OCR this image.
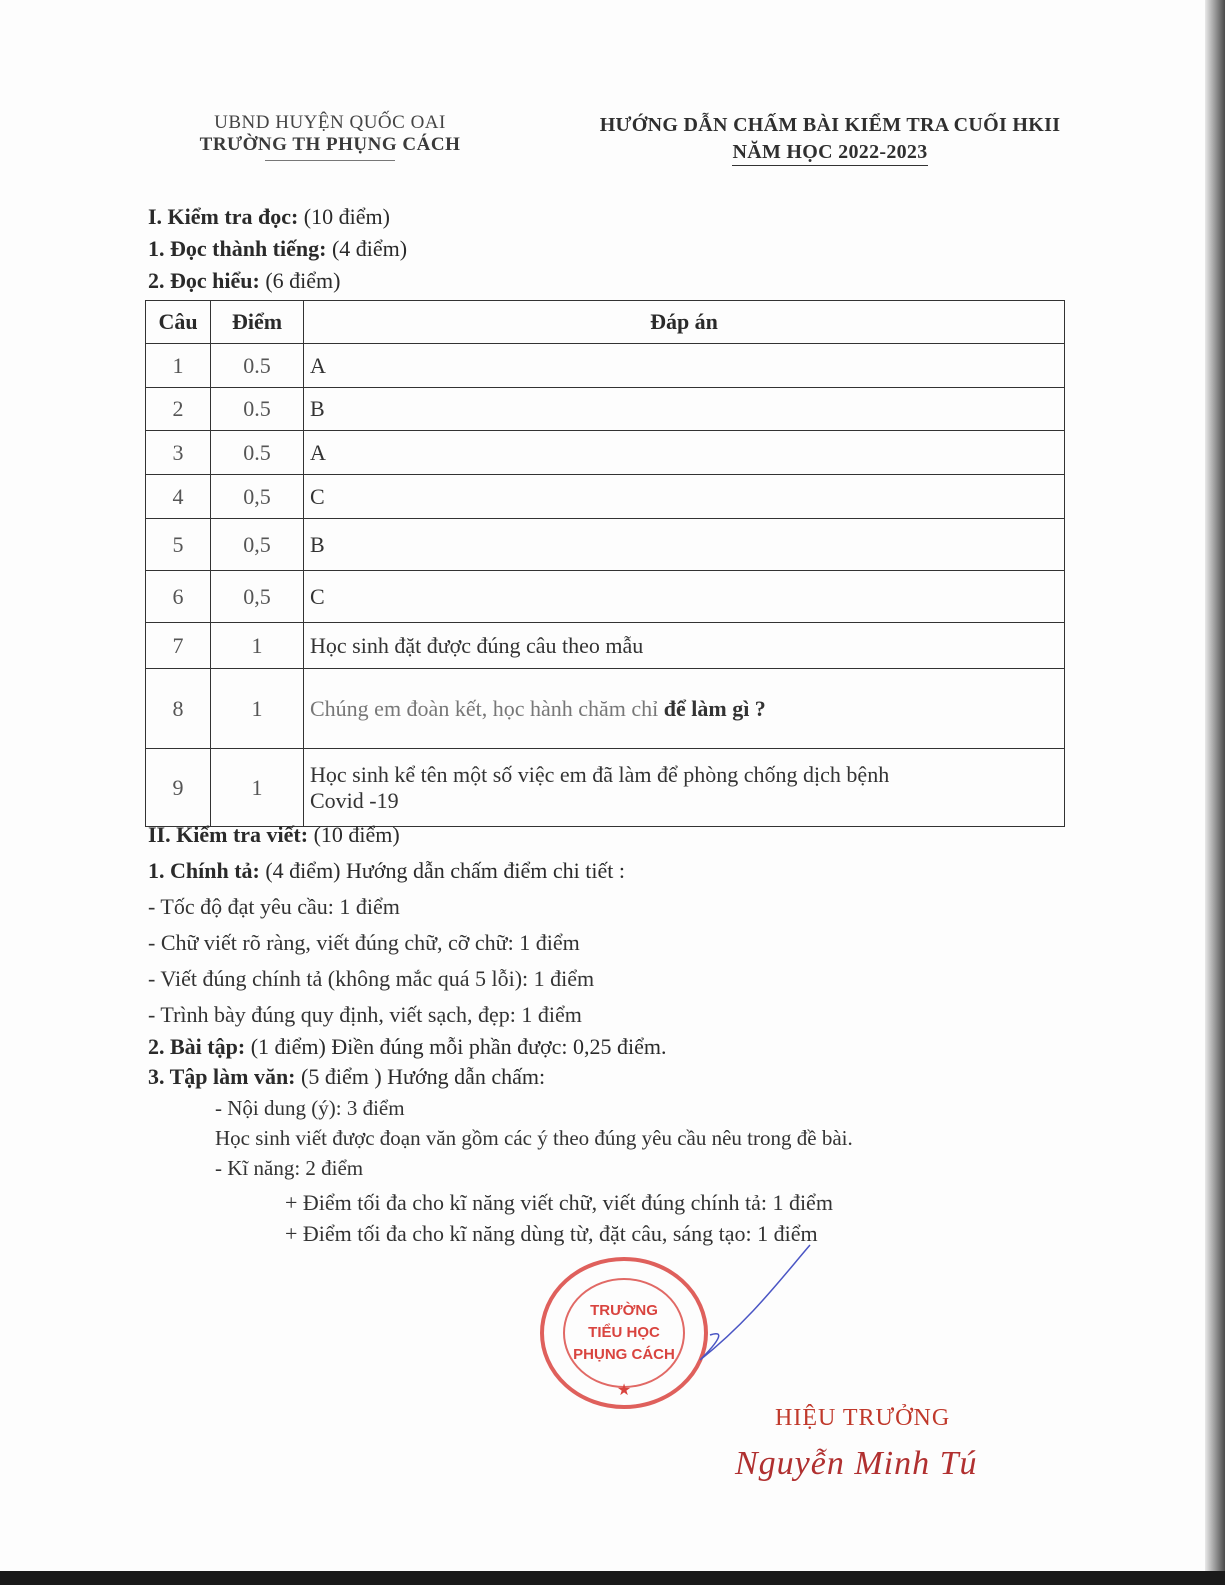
UBND HUYỆN QUỐC OAI
TRƯỜNG TH PHỤNG CÁCH
HƯỚNG DẪN CHẤM BÀI KIỂM TRA CUỐI HKII
NĂM HỌC 2022-2023
I. Kiểm tra đọc: (10 điểm)
1. Đọc thành tiếng: (4 điểm)
2. Đọc hiểu: (6 điểm)
Câu	Điểm	Đáp án
1	0.5	A
2	0.5	B
3	0.5	A
4	0,5	C
5	0,5	B
6	0,5	C
7	1	Học sinh đặt được đúng câu theo mẫu
8	1	Chúng em đoàn kết, học hành chăm chỉ để làm gì ?
9	1	Học sinh kể tên một số việc em đã làm để phòng chống dịch bệnh
Covid -19
II. Kiểm tra viết: (10 điểm)
1. Chính tả: (4 điểm) Hướng dẫn chấm điểm chi tiết :
- Tốc độ đạt yêu cầu: 1 điểm
- Chữ viết rõ ràng, viết đúng chữ, cỡ chữ: 1 điểm
- Viết đúng chính tả (không mắc quá 5 lỗi): 1 điểm
- Trình bày đúng quy định, viết sạch, đẹp: 1 điểm
2. Bài tập: (1 điểm) Điền đúng mỗi phần được: 0,25 điểm.
3. Tập làm văn: (5 điểm ) Hướng dẫn chấm:
- Nội dung (ý): 3 điểm
Học sinh viết được đoạn văn gồm các ý theo đúng yêu cầu nêu trong đề bài.
- Kĩ năng: 2 điểm
+ Điểm tối đa cho kĩ năng viết chữ, viết đúng chính tả: 1 điểm
+ Điểm tối đa cho kĩ năng dùng từ, đặt câu, sáng tạo: 1 điểm
TRƯỜNG
TIỂU HỌC
PHỤNG CÁCH
★
HIỆU TRƯỞNG
Nguyễn Minh Tú
